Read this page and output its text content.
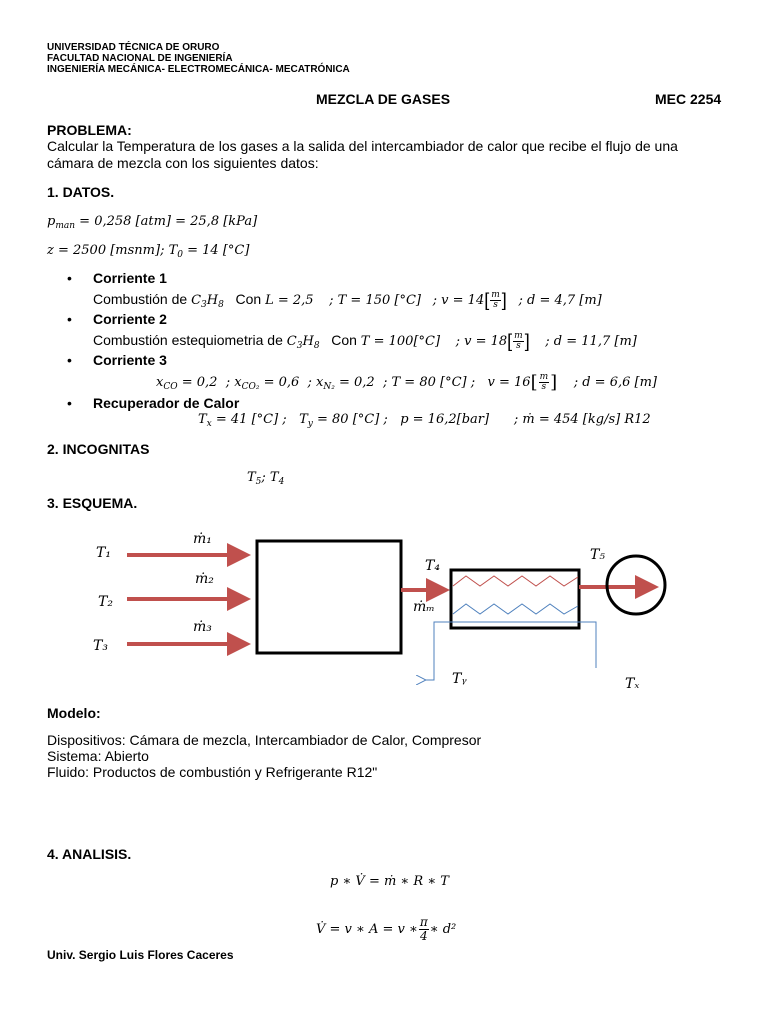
UNIVERSIDAD TÉCNICA DE ORURO
FACULTAD NACIONAL DE INGENIERÍA
INGENIERÍA MECÁNICA- ELECTROMECÁNICA- MECATRÓNICA
MEZCLA DE GASES	MEC 2254
PROBLEMA:
Calcular la Temperatura de los gases a la salida del intercambiador de calor que recibe el flujo de una
cámara de mezcla con los siguientes datos:
1. DATOS.
$p_{man} = 0,258$ [atm] = 25,8 [kPa]
z = 2500 [msnm]; $T_0 = 14$ [°C]
• Corriente 1
Combustión de $C_3H_8$ Con L = 2,5 ; T = 150 [°C] ; $v = 14[ \frac{m}{s}$ ] ; d = 4,7 [m]
• Corriente 2
Combustión estequiometria de $C_3H_8$ Con T = 100[°C] ; $v = 18[ \frac{m}{s}$ ] ; d = 11,7 [m]
• Corriente 3
$x_{CO} = 0,2$ ; $x_{CO_2} = 0,6$ ; $x_{N_2} = 0,2$ ; T = 80 [°C] ; $v = 16[ \frac{m}{s}$ ] ; d = 6,6 [m]
• Recuperador de Calor
$T_x = 41$ [°C] ; $T_y = 80$ [°C] ; p = 16,2[bar] ; ṁ = 454 [kg/s] R12
2. INCOGNITAS
$T_5$; $T_4$
3. ESQUEMA.
T₁
T₂
T₃
ṁ₁
ṁ₂
ṁ₃
T₄
ṁₘ
T₅
Tᵧ	Tₓ
Modelo:
Dispositivos: Cámara de mezcla, Intercambiador de Calor, Compresor
Sistema: Abierto
Fluido: Productos de combustión y Refrigerante R12"
4. ANALISIS.
p ∗ V̇ = ṁ ∗ R ∗ T
V̇ = v ∗ A = v ∗ $\frac{\pi}{4}$ ∗ d²
Univ. Sergio Luis Flores Caceres
